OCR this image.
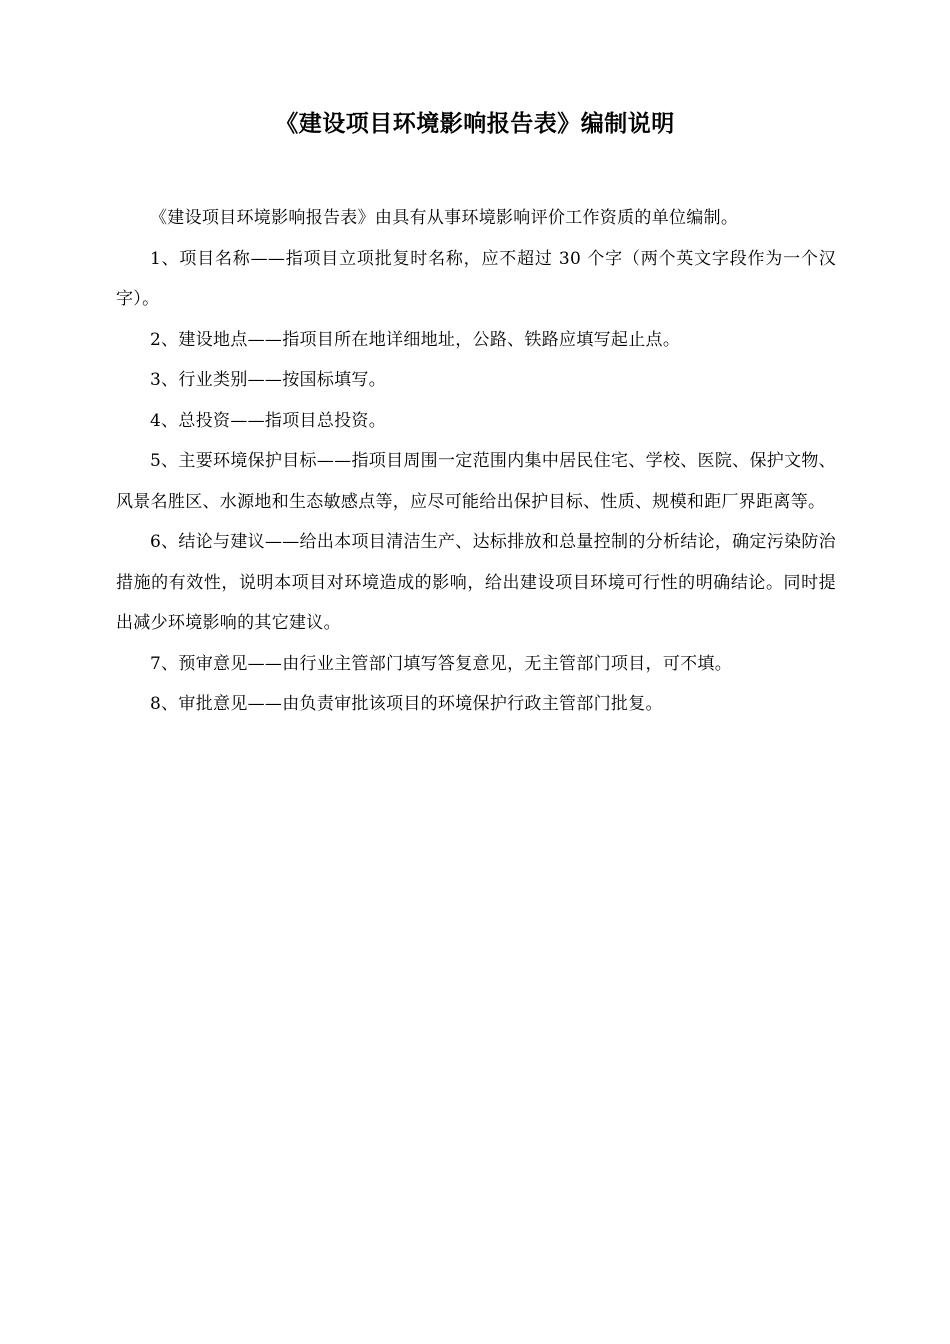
《建设项目环境影响报告表》编制说明

《建设项目环境影响报告表》由具有从事环境影响评价工作资质的单位编制。

1、项目名称——指项目立项批复时名称，应不超过 30 个字（两个英文字段作为一个汉字）。

2、建设地点——指项目所在地详细地址，公路、铁路应填写起止点。

3、行业类别——按国标填写。

4、总投资——指项目总投资。

5、主要环境保护目标——指项目周围一定范围内集中居民住宅、学校、医院、保护文物、风景名胜区、水源地和生态敏感点等，应尽可能给出保护目标、性质、规模和距厂界距离等。

6、结论与建议——给出本项目清洁生产、达标排放和总量控制的分析结论，确定污染防治措施的有效性，说明本项目对环境造成的影响，给出建设项目环境可行性的明确结论。同时提出减少环境影响的其它建议。

7、预审意见——由行业主管部门填写答复意见，无主管部门项目，可不填。

8、审批意见——由负责审批该项目的环境保护行政主管部门批复。
